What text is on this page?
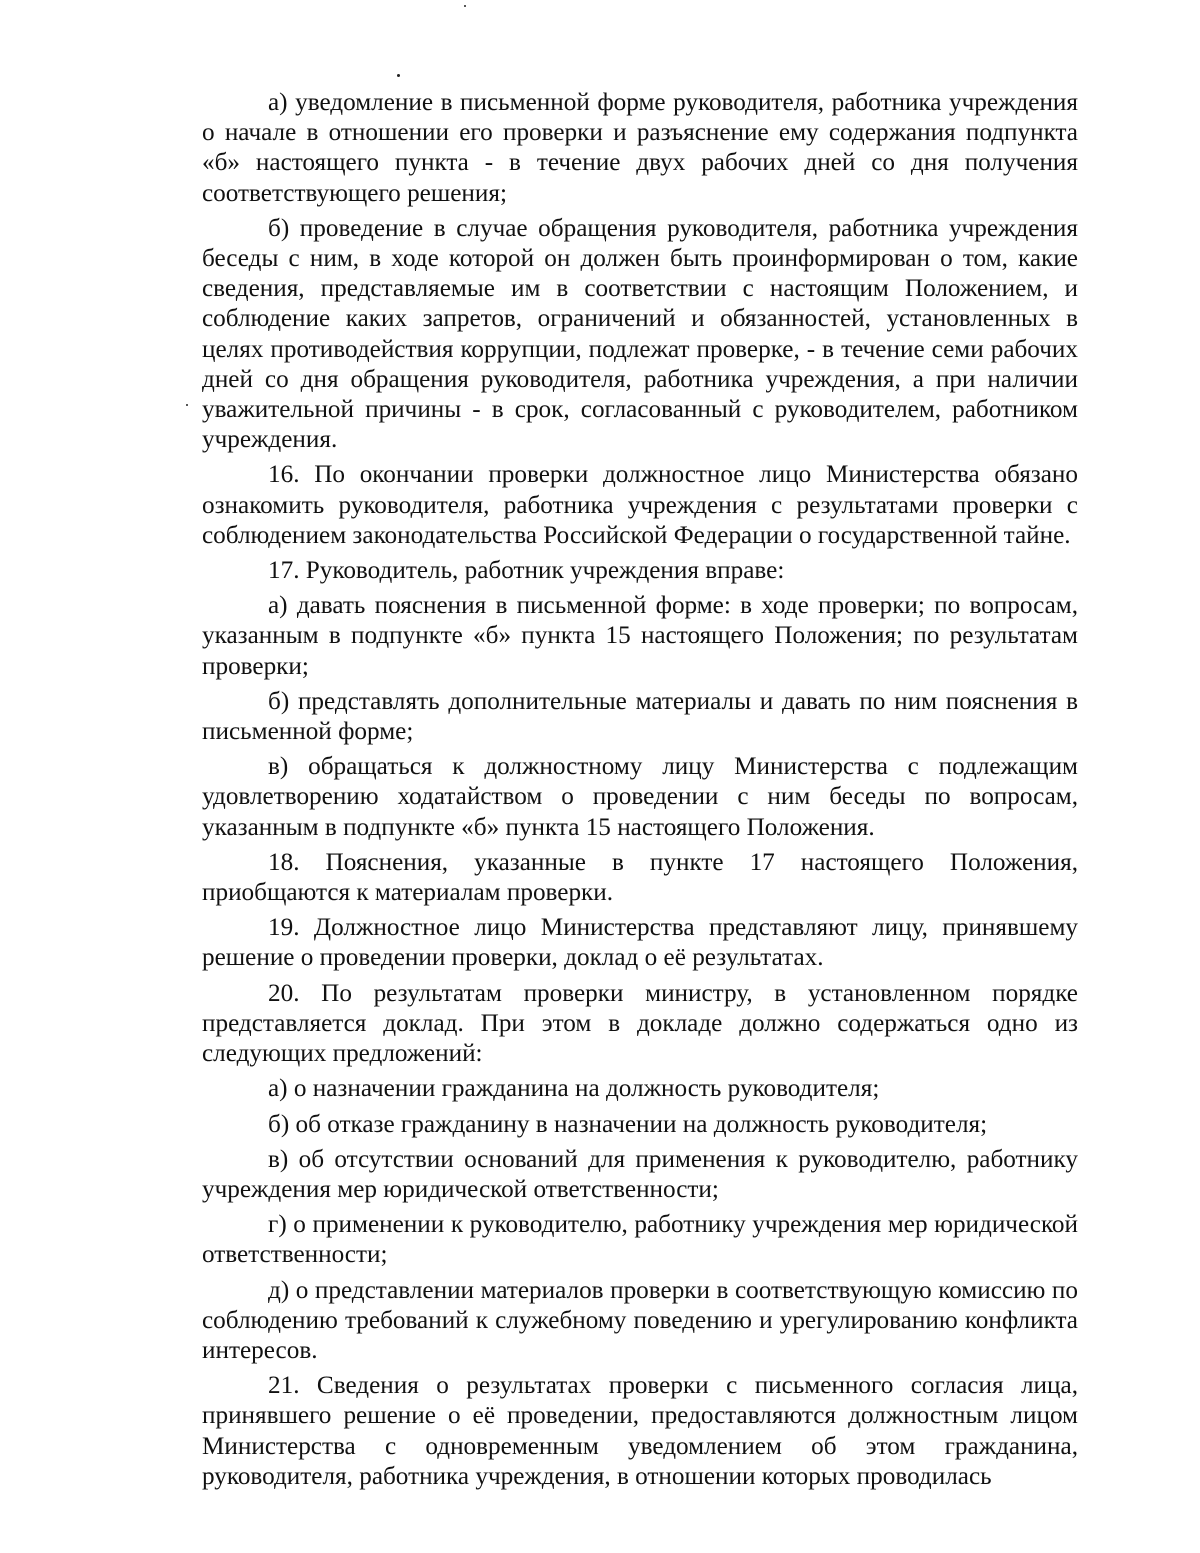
а) уведомление в письменной форме руководителя, работника учреждения о начале в отношении его проверки и разъяснение ему содержания подпункта «б» настоящего пункта - в течение двух рабочих дней со дня получения соответствующего решения;

б) проведение в случае обращения руководителя, работника учреждения беседы с ним, в ходе которой он должен быть проинформирован о том, какие сведения, представляемые им в соответствии с настоящим Положением, и соблюдение каких запретов, ограничений и обязанностей, установленных в целях противодействия коррупции, подлежат проверке, - в течение семи рабочих дней со дня обращения руководителя, работника учреждения, а при наличии уважительной причины - в срок, согласованный с руководителем, работником учреждения.

16. По окончании проверки должностное лицо Министерства обязано ознакомить руководителя, работника учреждения с результатами проверки с соблюдением законодательства Российской Федерации о государственной тайне.

17. Руководитель, работник учреждения вправе:

а) давать пояснения в письменной форме: в ходе проверки; по вопросам, указанным в подпункте «б» пункта 15 настоящего Положения; по результатам проверки;

б) представлять дополнительные материалы и давать по ним пояснения в письменной форме;

в) обращаться к должностному лицу Министерства с подлежащим удовлетворению ходатайством о проведении с ним беседы по вопросам, указанным в подпункте «б» пункта 15 настоящего Положения.

18. Пояснения, указанные в пункте 17 настоящего Положения, приобщаются к материалам проверки.

19. Должностное лицо Министерства представляют лицу, принявшему решение о проведении проверки, доклад о её результатах.

20. По результатам проверки министру, в установленном порядке представляется доклад. При этом в докладе должно содержаться одно из следующих предложений:

а) о назначении гражданина на должность руководителя;

б) об отказе гражданину в назначении на должность руководителя;

в) об отсутствии оснований для применения к руководителю, работнику учреждения мер юридической ответственности;

г) о применении к руководителю, работнику учреждения мер юридической ответственности;

д) о представлении материалов проверки в соответствующую комиссию по соблюдению требований к служебному поведению и урегулированию конфликта интересов.

21. Сведения о результатах проверки с письменного согласия лица, принявшего решение о её проведении, предоставляются должностным лицом Министерства с одновременным уведомлением об этом гражданина, руководителя, работника учреждения, в отношении которых проводилась
